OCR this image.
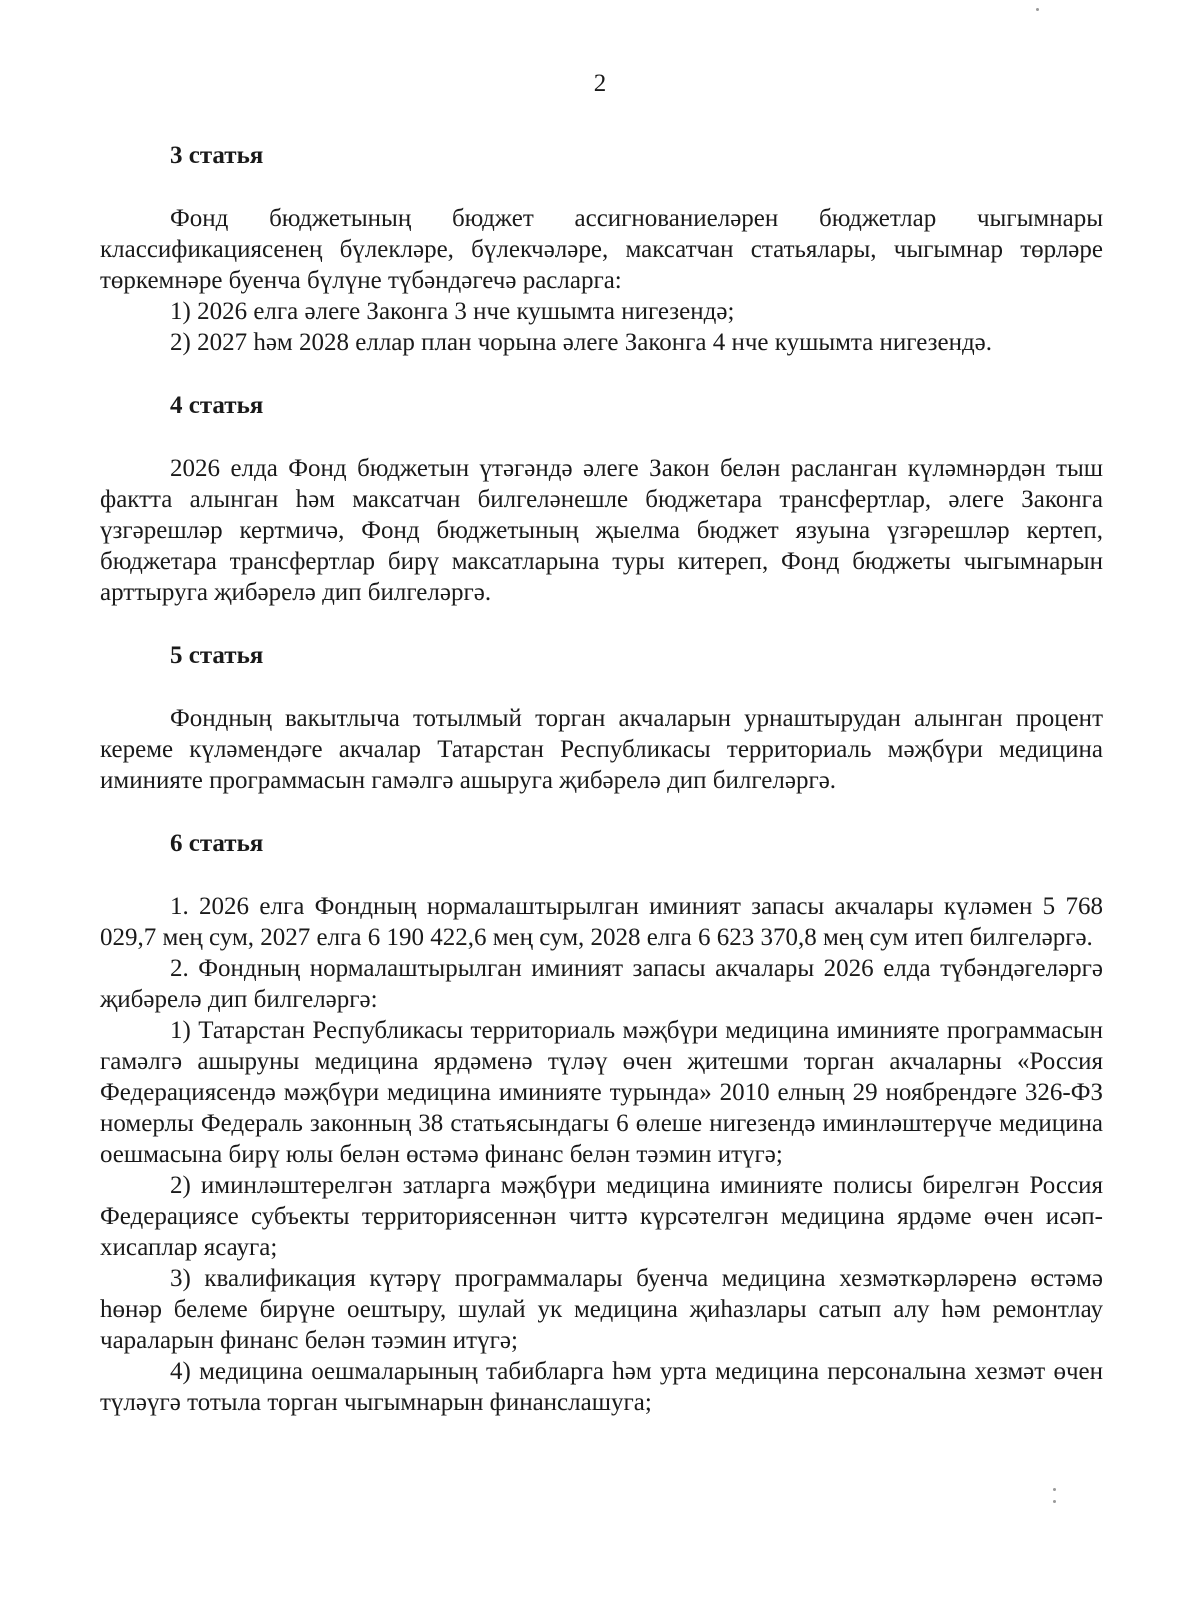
2
3 статья

Фонд бюджетының бюджет ассигнованиеләрен бюджетлар чыгымнары классификациясенең бүлекләре, бүлекчәләре, максатчан статьялары, чыгымнар төрләре төркемнәре буенча бүлүне түбәндәгечә расларга:

1) 2026 елга әлеге Законга 3 нче кушымта нигезендә;

2) 2027 һәм 2028 еллар план чорына әлеге Законга 4 нче кушымта нигезендә.

4 статья

2026 елда Фонд бюджетын үтәгәндә әлеге Закон белән расланган күләмнәрдән тыш фактта алынган һәм максатчан билгеләнешле бюджетара трансфертлар, әлеге Законга үзгәрешләр кертмичә, Фонд бюджетының җыелма бюджет язуына үзгәрешләр кертеп, бюджетара трансфертлар бирү максатларына туры китереп, Фонд бюджеты чыгымнарын арттыруга җибәрелә дип билгеләргә.

5 статья

Фондның вакытлыча тотылмый торган акчаларын урнаштырудан алынган процент кереме күләмендәге акчалар Татарстан Республикасы территориаль мәҗбүри медицина иминияте программасын гамәлгә ашыруга җибәрелә дип билгеләргә.

6 статья

1. 2026 елга Фондның нормалаштырылган иминият запасы акчалары күләмен 5 768 029,7 мең сум, 2027 елга 6 190 422,6 мең сум, 2028 елга 6 623 370,8 мең сум итеп билгеләргә.

2. Фондның нормалаштырылган иминият запасы акчалары 2026 елда түбәндәгеләргә җибәрелә дип билгеләргә:

1) Татарстан Республикасы территориаль мәҗбүри медицина иминияте программасын гамәлгә ашыруны медицина ярдәменә түләү өчен җитешми торган акчаларны «Россия Федерациясендә мәҗбүри медицина иминияте турында» 2010 елның 29 ноябрендәге 326-ФЗ номерлы Федераль законның 38 статьясындагы 6 өлеше нигезендә иминләштерүче медицина оешмасына бирү юлы белән өстәмә финанс белән тәэмин итүгә;

2) иминләштерелгән затларга мәҗбүри медицина иминияте полисы бирелгән Россия Федерациясе субъекты территориясеннән читтә күрсәтелгән медицина ярдәме өчен исәп-хисаплар ясауга;

3) квалификация күтәрү программалары буенча медицина хезмәткәрләренә өстәмә һөнәр белеме бирүне оештыру, шулай ук медицина җиһазлары сатып алу һәм ремонтлау чараларын финанс белән тәэмин итүгә;

4) медицина оешмаларының табибларга һәм урта медицина персоналына хезмәт өчен түләүгә тотыла торган чыгымнарын финанслашуга;
